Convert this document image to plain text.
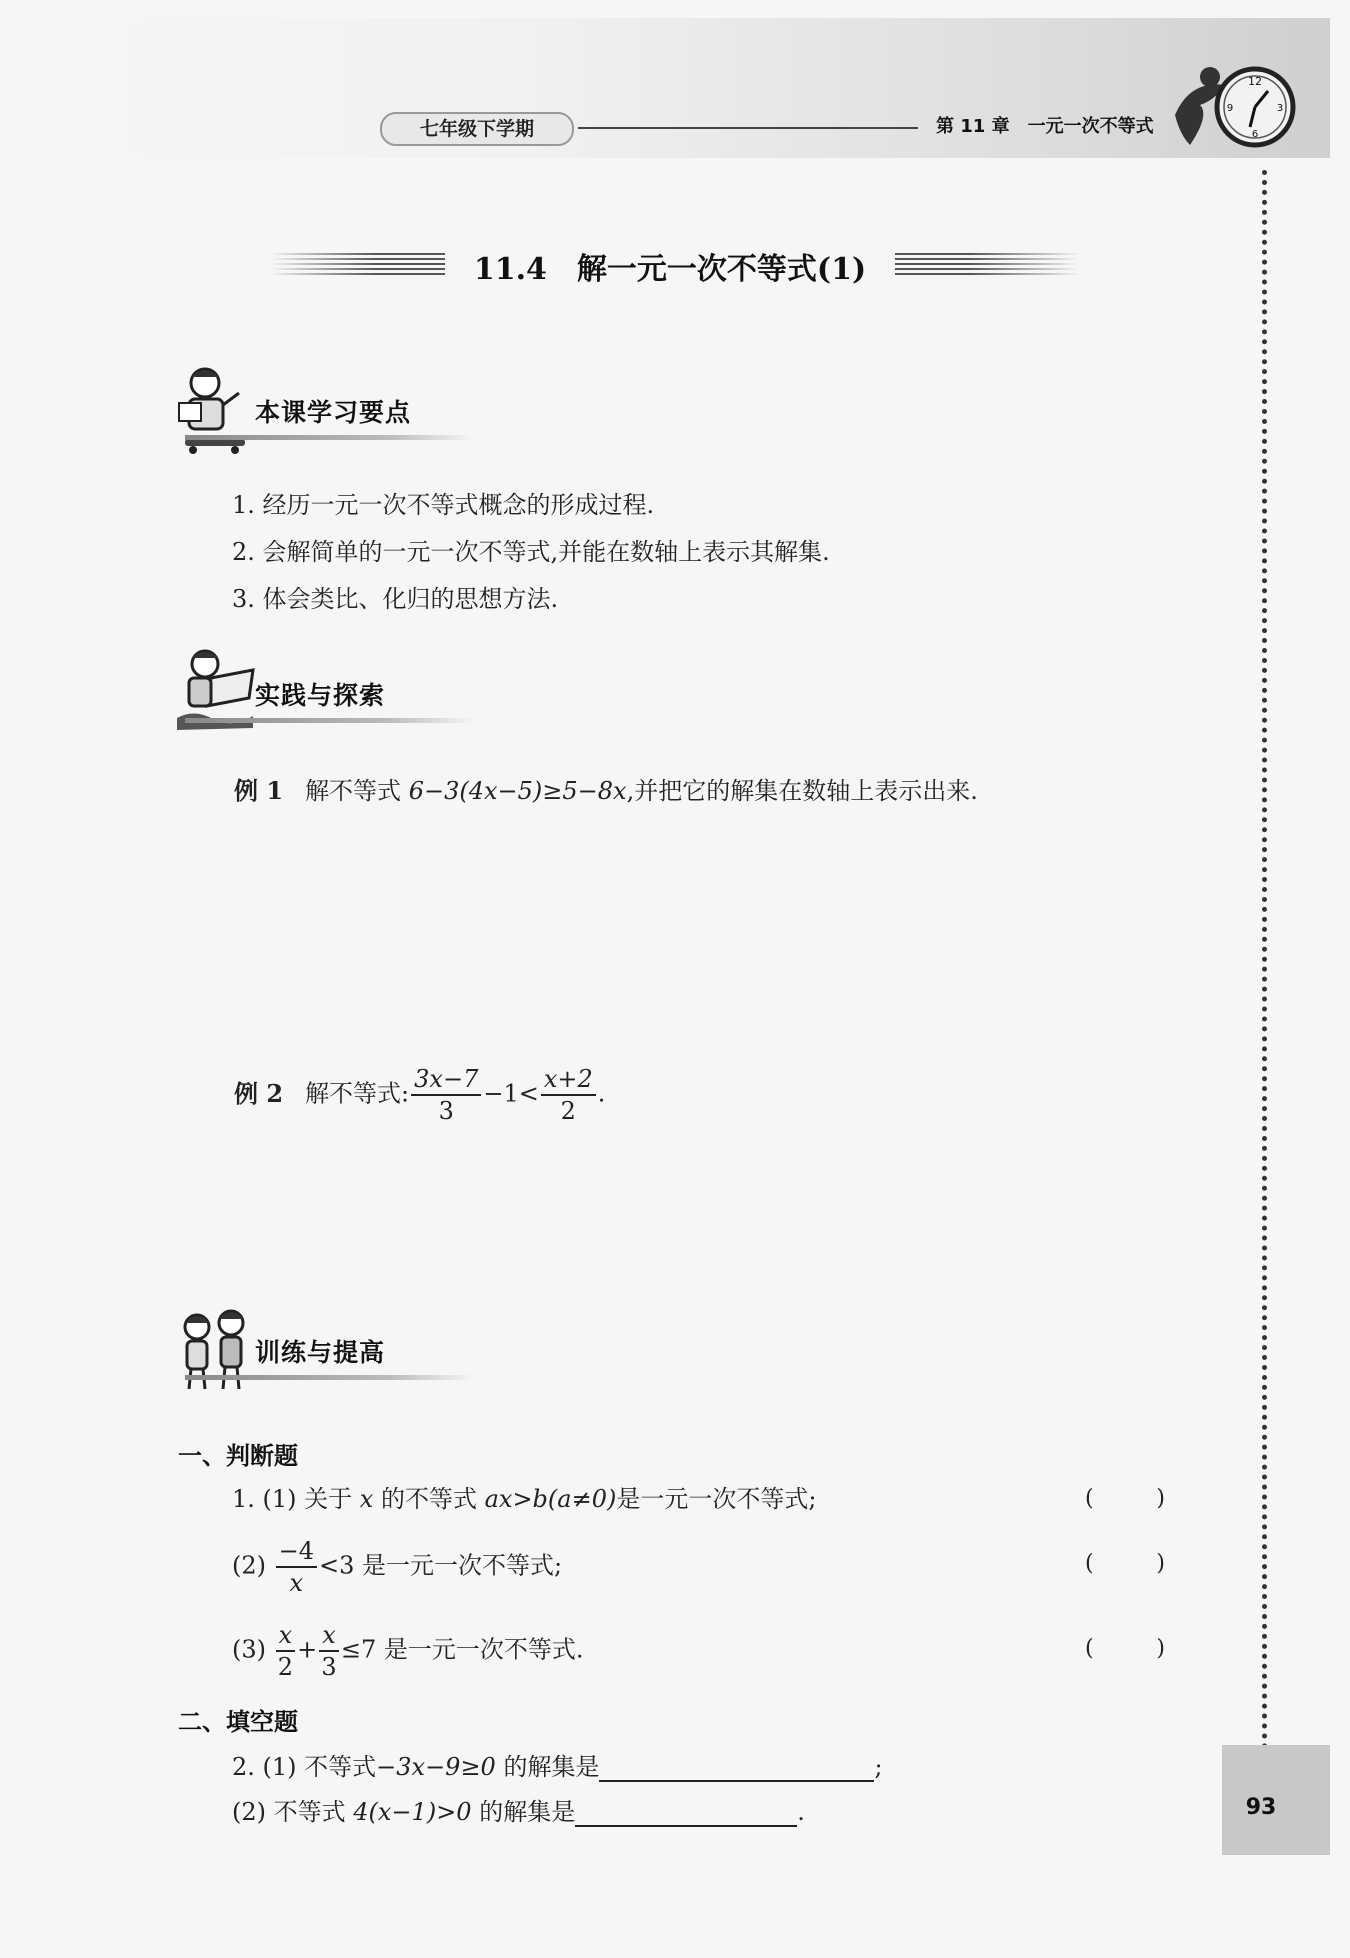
七年级下学期	第 11 章　一元一次不等式
12
3
6
9
93
11.4　解一元一次不等式(1)
本课学习要点
1. 经历一元一次不等式概念的形成过程.
2. 会解简单的一元一次不等式,并能在数轴上表示其解集.
3. 体会类比、化归的思想方法.
实践与探索
例 1 解不等式 6−3(4x−5)≥5−8x,并把它的解集在数轴上表示出来.
例 2 解不等式: $\frac{3x-7}{3} -1< \frac{x+2}{2}$ .
训练与提高
一、判断题
1. (1) 关于 x 的不等式 ax>b(a≠0)是一元一次不等式;	(	)
$(2) \frac{-4}{x} <3$ 是一元一次不等式;	(	)
$(3) \frac{x}{2} + \frac{x}{3} \le 7$ 是一元一次不等式.	(	)
二、填空题
2. (1) 不等式−3x−9≥0 的解集是	;
(2) 不等式 4(x−1)>0 的解集是	.
